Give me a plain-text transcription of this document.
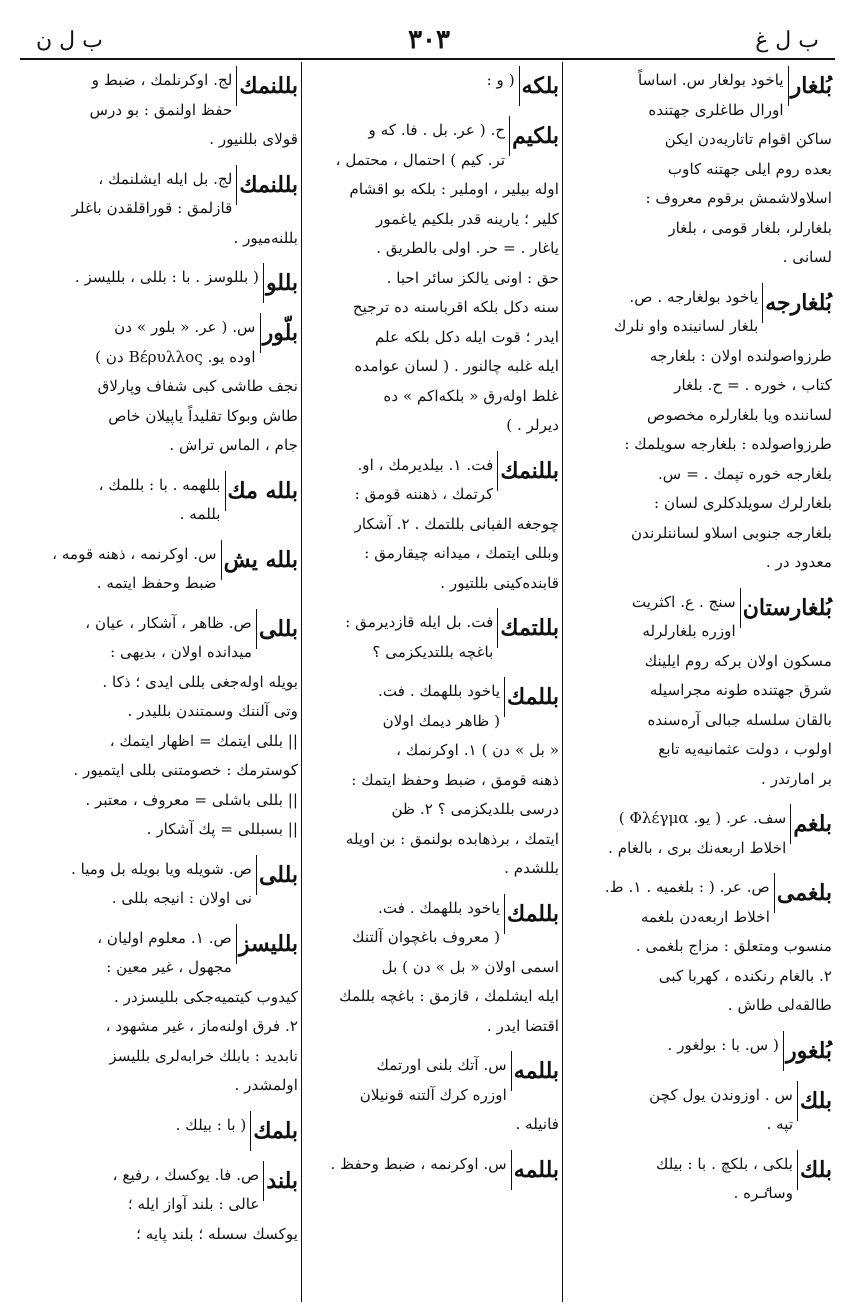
ب ل غ
۳۰۳
ب ل ن
بُلغار
یاخود بولغار س. اساساً
اورال طاغلری جهتنده
ساکن اقوام تاتاریه‌دن ایکن
بعده روم ایلی جهتنه کاوب
اسلاولاشمش برقوم معروف :
بلغارلر، بلغار قومی ، بلغار
لسانی .
بُلغارجه
یاخود بولغارجه . ص.
بلغار لسانینده واو نلرك
طرزواصولنده اولان : بلغارجه
کتاب ، خوره . = ح. بلغار
لساننده ویا بلغارلره مخصوص
طرزواصولده : بلغارجه سویلمك :
بلغارجه خوره تپمك . = س.
بلغارلرك سویلدکلری لسان :
بلغارجه جنوبی اسلاو لساننلرندن
معدود در .
بُلغارستان
سنج . ع. اکثریت
اوزره بلغارلرله
مسکون اولان برکه روم ایلینك
شرق جهتنده طونه مجراسیله
بالقان سلسله جبالی آره‌سنده
اولوب ، دولت عثمانیه‌یه تابع
بر امارتدر .
بلغم
سف. عر. ( یو. Φλέγμα )
اخلاط اربعه‌نك بری ، بالغام .
بلغمی
ص. عر. ( : بلغمیه . ۱. ط.
اخلاط اربعه‌دن بلغمه
منسوب ومتعلق : مزاج بلغمی .
۲. بالغام رنکنده ، کهربا کبی
طالقه‌لی طاش .
بُلغور
( س. با : بولغور .
بلك
س . اوزوندن یول کچن
تپه .
بلك
بلکی ، بلکچ . با : بیلك
وساٸره .
بلکه
( و :
بلکیم
ح. ( عر. بل . فا. که و
تر. کیم ) احتمال ، محتمل ،
اوله بیلیر ، اوملیر : بلکه بو اقشام
کلیر ؛ یارینه قدر بلکیم یاغمور
یاغار . = حر. اولی بالطریق .
حق : اونی یالکز سائر احبا .
سنه دکل بلکه اقرباسنه ده ترجیح
ایدر ؛ قوت ایله دکل بلکه علم
ایله غلبه چالنور . ( لسان عوامده
غلط اوله‌رق « بلکه‌اکم » ده
دیرلر . )
بللنمك
فت. ۱. بیلدیرمك ، او.
کرتمك ، ذهننه قومق :
چوجغه الفبانی بللتمك . ۲. آشکار
وبللی ایتمك ، میدانه چیقارمق :
قابنده‌کینی بللتیور .
بللتمك
فت. بل ایله قازدیرمق :
باغچه بللتدیکزمی ؟
بللمك
یاخود بللهمك . فت.
( ظاهر دیمك اولان
« بل » دن ) ۱. اوکرنمك ،
ذهنه قومق ، ضبط وحفظ ایتمك :
درسی بللدیکزمی ؟ ۲. ظن
ایتمك ، برذهابده بولنمق : بن اویله
بللشدم .
بللمك
یاخود بللهمك . فت.
( معروف باغچوان آلتنك
اسمی اولان « بل » دن ) بل
ایله ایشلمك ، قازمق : باغچه بللمك
اقتضا ایدر .
بللمه
س. آتك بلنی اورتمك
اوزره کرك آلتنه قونیلان
فانیله .
بللمه
س. اوکرنمه ، ضبط وحفظ .
بللنمك
لج. اوکرنلمك ، ضبط و
حفظ اولنمق : بو درس
قولای بللنیور .
بللنمك
لج. بل ایله ایشلنمك ،
قازلمق : قوراقلقدن باغلر
بللنه‌میور .
بللو
( بللوسز . با : بللی ، بللیسز .
بلّور
س. ( عر. « بلور » دن
اوده یو. Βέρυλλος دن )
نجف طاشی کبی شفاف وپارلاق
طاش وبوکا تقلیداً یاپیلان خاص
جام ، الماس تراش .
بلله مك
بللهمه . با : بللمك ،
بللمه .
بلله یش
س. اوکرنمه ، ذهنه قومه ،
ضبط وحفظ ایتمه .
بللی
ص. ظاهر ، آشکار ، عیان ،
میدانده اولان ، بدیهی :
بویله اوله‌جغی بللی ایدی ؛ ذکا .
وتی آلننك وسمتندن بللیدر .
|| بللی ایتمك = اظهار ایتمك ،
کوسترمك : خصومتنی بللی ایتمیور .
|| بللی باشلی = معروف ، معتبر .
|| بسبللی = پك آشکار .
بللی
ص. شویله ویا بویله بل ومیا .
نی اولان : انیجه بللی .
بللیسز
ص. ۱. معلوم اولیان ،
مجهول ، غیر معین :
کیدوب کیتمیه‌جکی بللیسزدر .
۲. فرق اولنه‌ماز ، غیر مشهود ،
نابدید : بابلك خرابه‌لری بللیسز
اولمشدر .
بلمك
( با : بیلك .
بلند
ص. فا. یوکسك ، رفیع ،
عالی : بلند آواز ایله ؛
یوکسك سسله ؛ بلند پایه ؛
